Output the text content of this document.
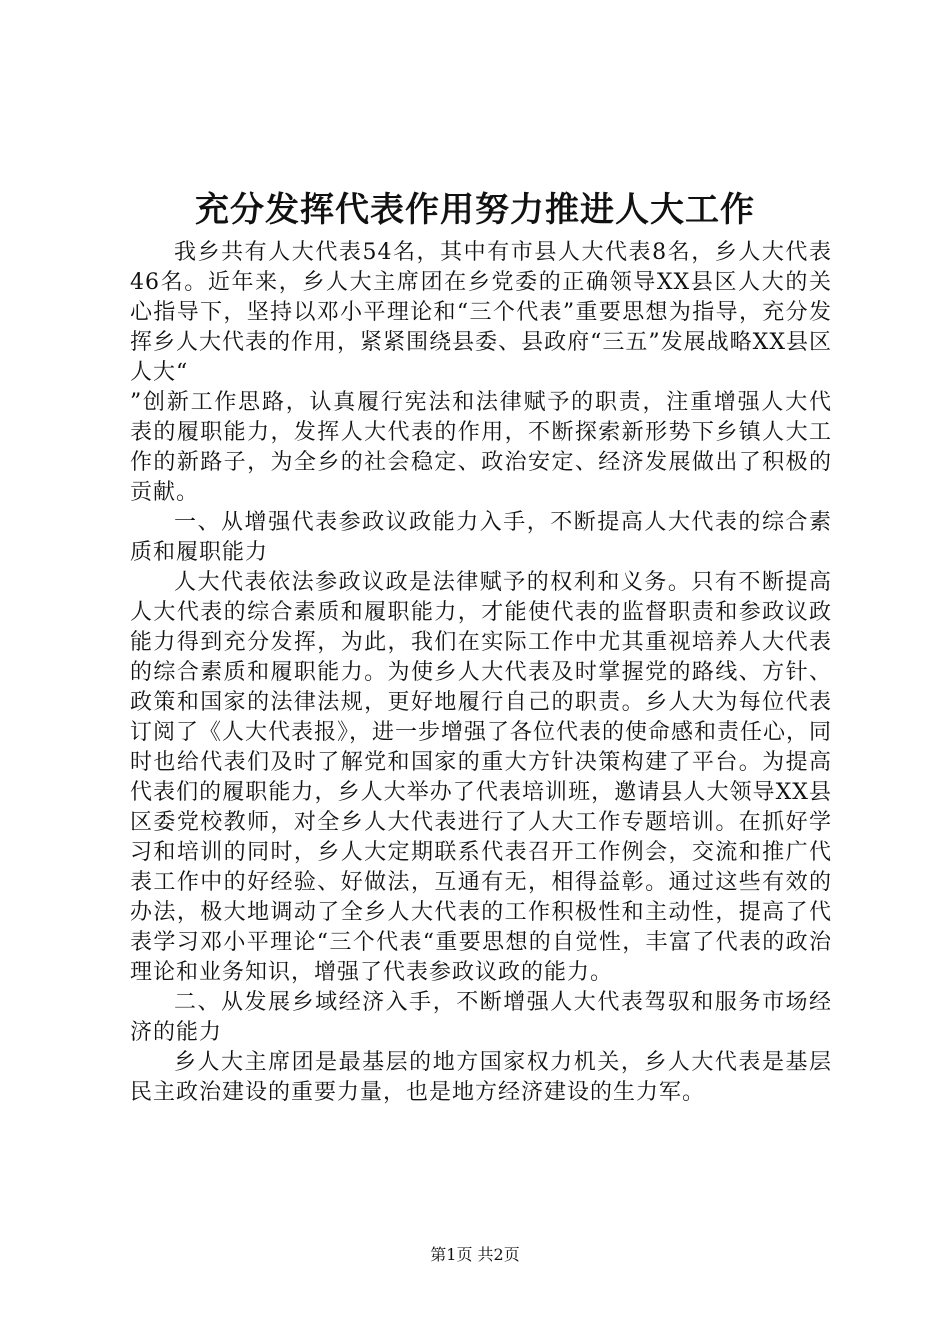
充分发挥代表作用努力推进人大工作

我乡共有人大代表54名，其中有市县人大代表8名，乡人大代表46名。近年来，乡人大主席团在乡党委的正确领导XX县区人大的关心指导下，坚持以邓小平理论和“三个代表”重要思想为指导，充分发挥乡人大代表的作用，紧紧围绕县委、县政府“三五”发展战略XX县区人大“

”创新工作思路，认真履行宪法和法律赋予的职责，注重增强人大代表的履职能力，发挥人大代表的作用，不断探索新形势下乡镇人大工作的新路子，为全乡的社会稳定、政治安定、经济发展做出了积极的贡献。

一、从增强代表参政议政能力入手，不断提高人大代表的综合素质和履职能力

人大代表依法参政议政是法律赋予的权利和义务。只有不断提高人大代表的综合素质和履职能力，才能使代表的监督职责和参政议政能力得到充分发挥，为此，我们在实际工作中尤其重视培养人大代表的综合素质和履职能力。为使乡人大代表及时掌握党的路线、方针、政策和国家的法律法规，更好地履行自己的职责。乡人大为每位代表订阅了《人大代表报》，进一步增强了各位代表的使命感和责任心，同时也给代表们及时了解党和国家的重大方针决策构建了平台。为提高代表们的履职能力，乡人大举办了代表培训班，邀请县人大领导XX县区委党校教师，对全乡人大代表进行了人大工作专题培训。在抓好学习和培训的同时，乡人大定期联系代表召开工作例会，交流和推广代表工作中的好经验、好做法，互通有无，相得益彰。通过这些有效的办法，极大地调动了全乡人大代表的工作积极性和主动性，提高了代表学习邓小平理论“三个代表“重要思想的自觉性，丰富了代表的政治理论和业务知识，增强了代表参政议政的能力。

二、从发展乡域经济入手，不断增强人大代表驾驭和服务市场经济的能力

乡人大主席团是最基层的地方国家权力机关，乡人大代表是基层民主政治建设的重要力量，也是地方经济建设的生力军。

第1页 共2页
